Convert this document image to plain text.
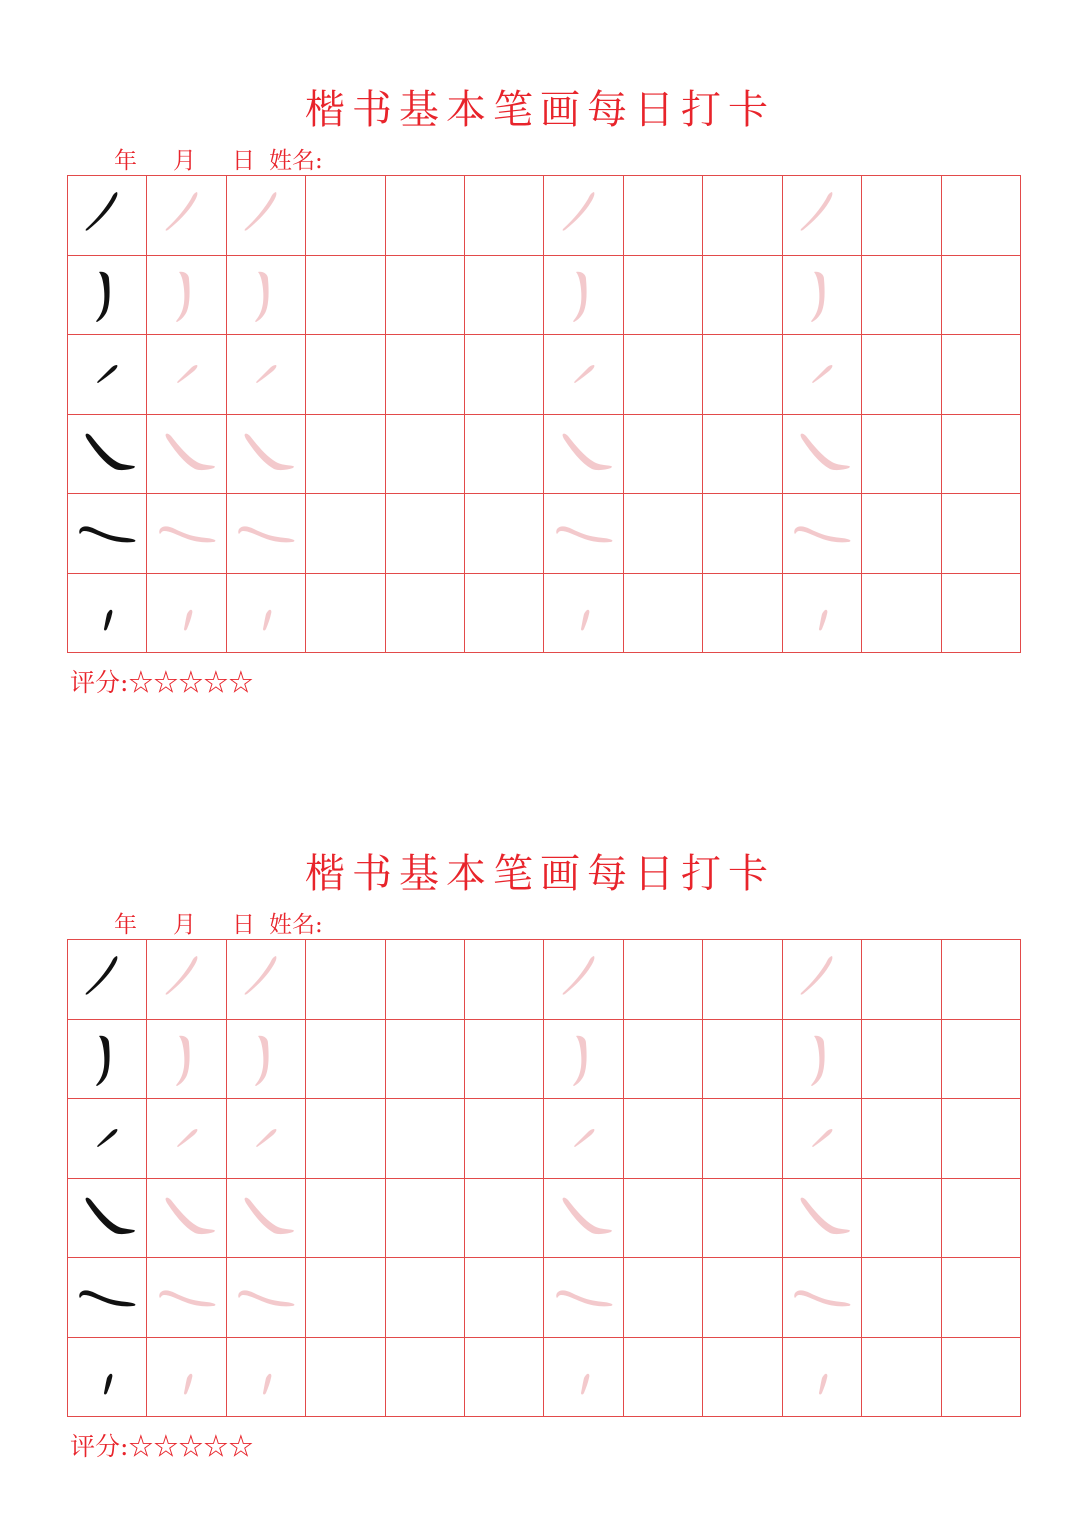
楷书基本笔画每日打卡
年 月 日 姓名:
评分:☆☆☆☆☆
楷书基本笔画每日打卡
年 月 日 姓名:
评分:☆☆☆☆☆
